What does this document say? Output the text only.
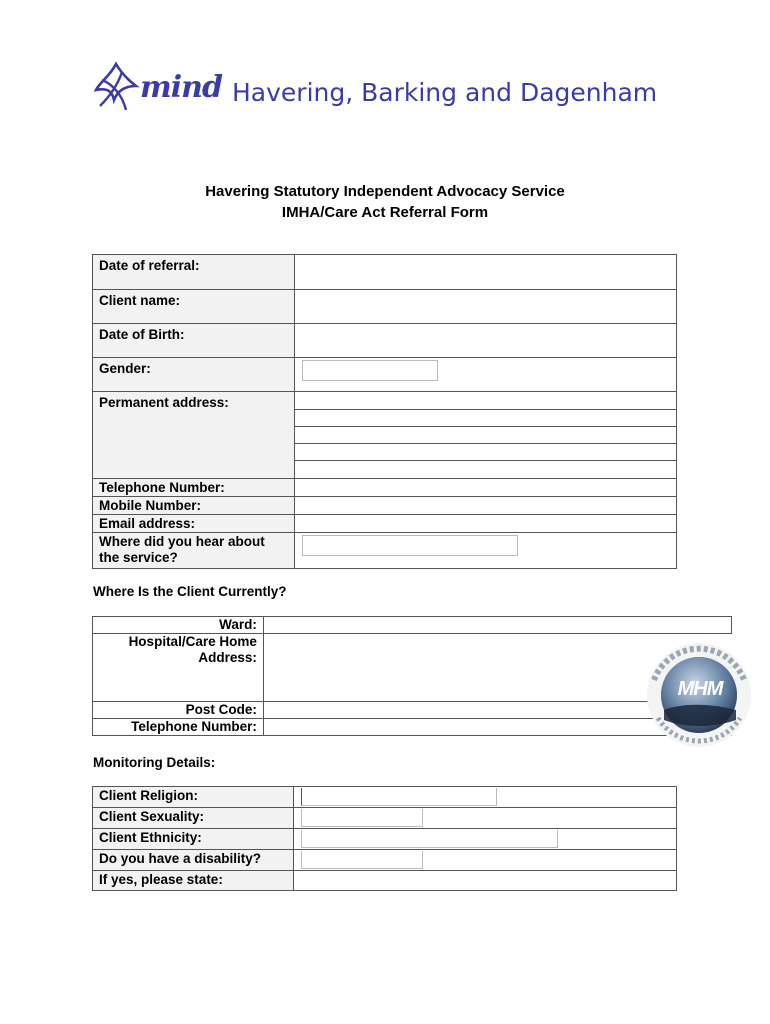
mind Havering, Barking and Dagenham
Havering Statutory Independent Advocacy Service
IMHA/Care Act Referral Form
Date of referral:	
Client name:	
Date of Birth:	
Gender:	

Permanent address:	

Telephone Number:	
Mobile Number:	
Email address:	
Where did you hear about the service?	
Where Is the Client Currently?
Ward:	
Hospital/Care Home Address:	
Post Code:	
Telephone Number:	
MHM
Monitoring Details:
Client Religion:	

Client Sexuality:	

Client Ethnicity:	

Do you have a disability?	

If yes, please state:	
